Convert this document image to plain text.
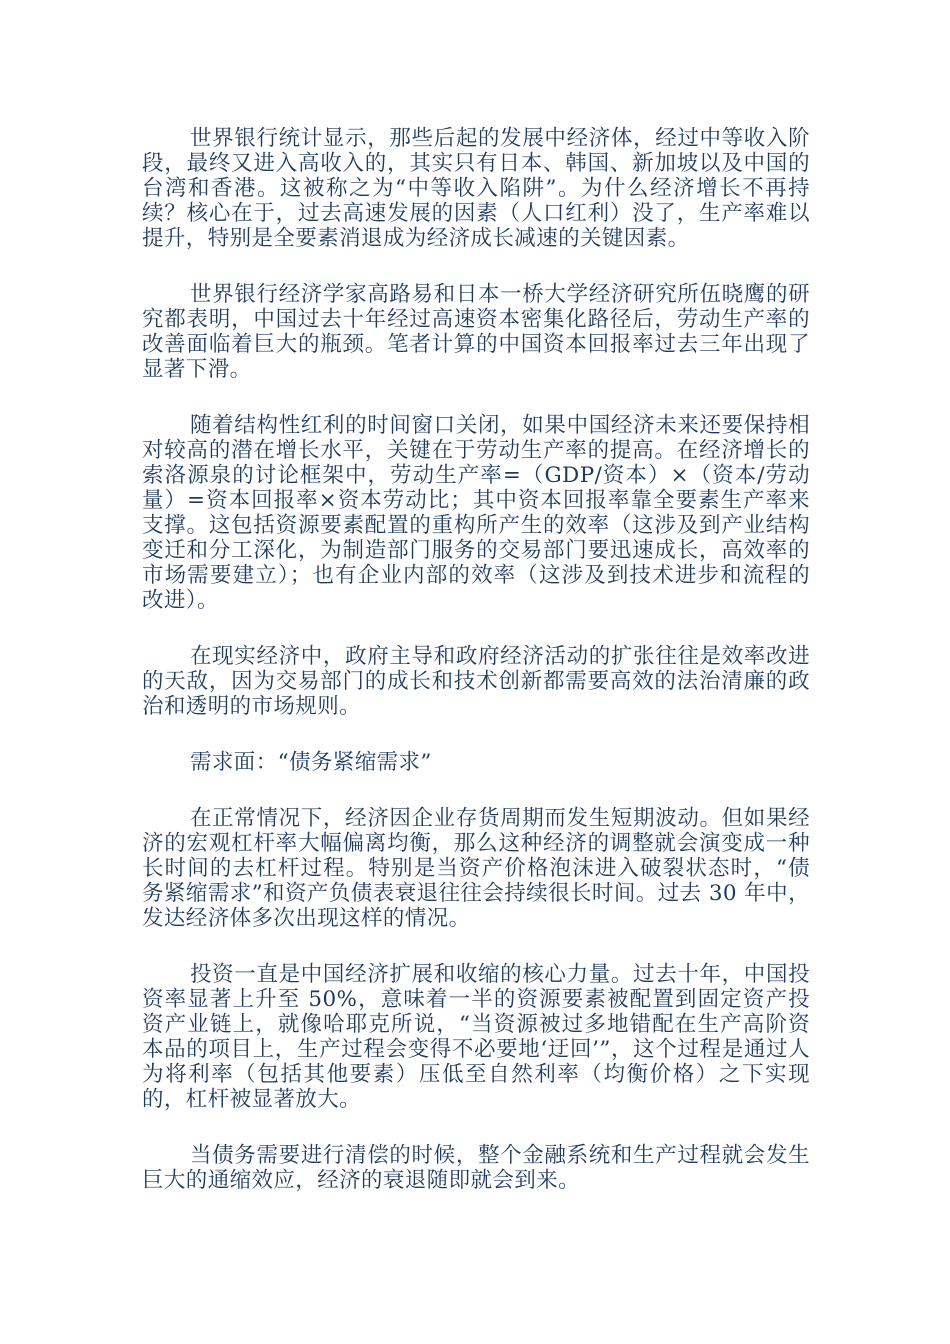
世界银行统计显示，那些后起的发展中经济体，经过中等收入阶段，最终又进入高收入的，其实只有日本、韩国、新加坡以及中国的台湾和香港。这被称之为“中等收入陷阱”。为什么经济增长不再持续？核心在于，过去高速发展的因素（人口红利）没了，生产率难以提升，特别是全要素消退成为经济成长减速的关键因素。

世界银行经济学家高路易和日本一桥大学经济研究所伍晓鹰的研究都表明，中国过去十年经过高速资本密集化路径后，劳动生产率的改善面临着巨大的瓶颈。笔者计算的中国资本回报率过去三年出现了显著下滑。

随着结构性红利的时间窗口关闭，如果中国经济未来还要保持相对较高的潜在增长水平，关键在于劳动生产率的提高。在经济增长的索洛源泉的讨论框架中，劳动生产率=（GDP/资本）×（资本/劳动量）=资本回报率×资本劳动比；其中资本回报率靠全要素生产率来支撑。这包括资源要素配置的重构所产生的效率（这涉及到产业结构变迁和分工深化，为制造部门服务的交易部门要迅速成长，高效率的市场需要建立）；也有企业内部的效率（这涉及到技术进步和流程的改进）。

在现实经济中，政府主导和政府经济活动的扩张往往是效率改进的天敌，因为交易部门的成长和技术创新都需要高效的法治清廉的政治和透明的市场规则。

需求面：“债务紧缩需求”

在正常情况下，经济因企业存货周期而发生短期波动。但如果经济的宏观杠杆率大幅偏离均衡，那么这种经济的调整就会演变成一种长时间的去杠杆过程。特别是当资产价格泡沫进入破裂状态时，“债务紧缩需求”和资产负债表衰退往往会持续很长时间。过去 30 年中，发达经济体多次出现这样的情况。

投资一直是中国经济扩展和收缩的核心力量。过去十年，中国投资率显著上升至 50%，意味着一半的资源要素被配置到固定资产投资产业链上，就像哈耶克所说，“当资源被过多地错配在生产高阶资本品的项目上，生产过程会变得不必要地‘迂回’”，这个过程是通过人为将利率（包括其他要素）压低至自然利率（均衡价格）之下实现的，杠杆被显著放大。

当债务需要进行清偿的时候，整个金融系统和生产过程就会发生巨大的通缩效应，经济的衰退随即就会到来。
